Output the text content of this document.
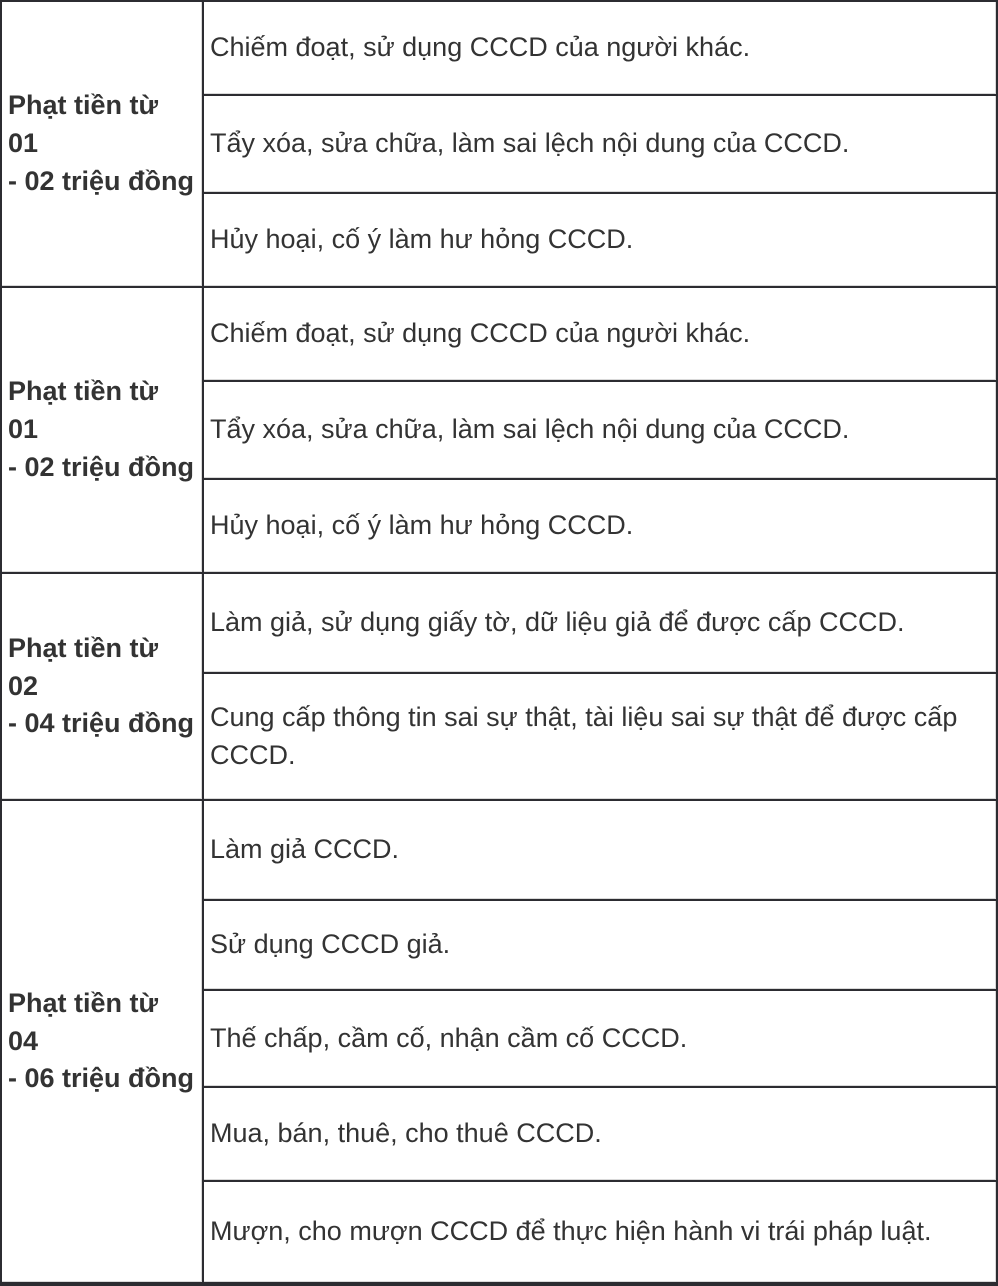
Phạt tiền từ 01
- 02 triệu đồng	Chiếm đoạt, sử dụng CCCD của người khác.
	Tẩy xóa, sửa chữa, làm sai lệch nội dung của CCCD.
	Hủy hoại, cố ý làm hư hỏng CCCD.

Phạt tiền từ 01
- 02 triệu đồng	Chiếm đoạt, sử dụng CCCD của người khác.
	Tẩy xóa, sửa chữa, làm sai lệch nội dung của CCCD.
	Hủy hoại, cố ý làm hư hỏng CCCD.

Phạt tiền từ 02
- 04 triệu đồng	Làm giả, sử dụng giấy tờ, dữ liệu giả để được cấp CCCD.
	Cung cấp thông tin sai sự thật, tài liệu sai sự thật để được cấp CCCD.

Phạt tiền từ 04
- 06 triệu đồng	Làm giả CCCD.
	Sử dụng CCCD giả.
	Thế chấp, cầm cố, nhận cầm cố CCCD.
	Mua, bán, thuê, cho thuê CCCD.
	Mượn, cho mượn CCCD để thực hiện hành vi trái pháp luật.
